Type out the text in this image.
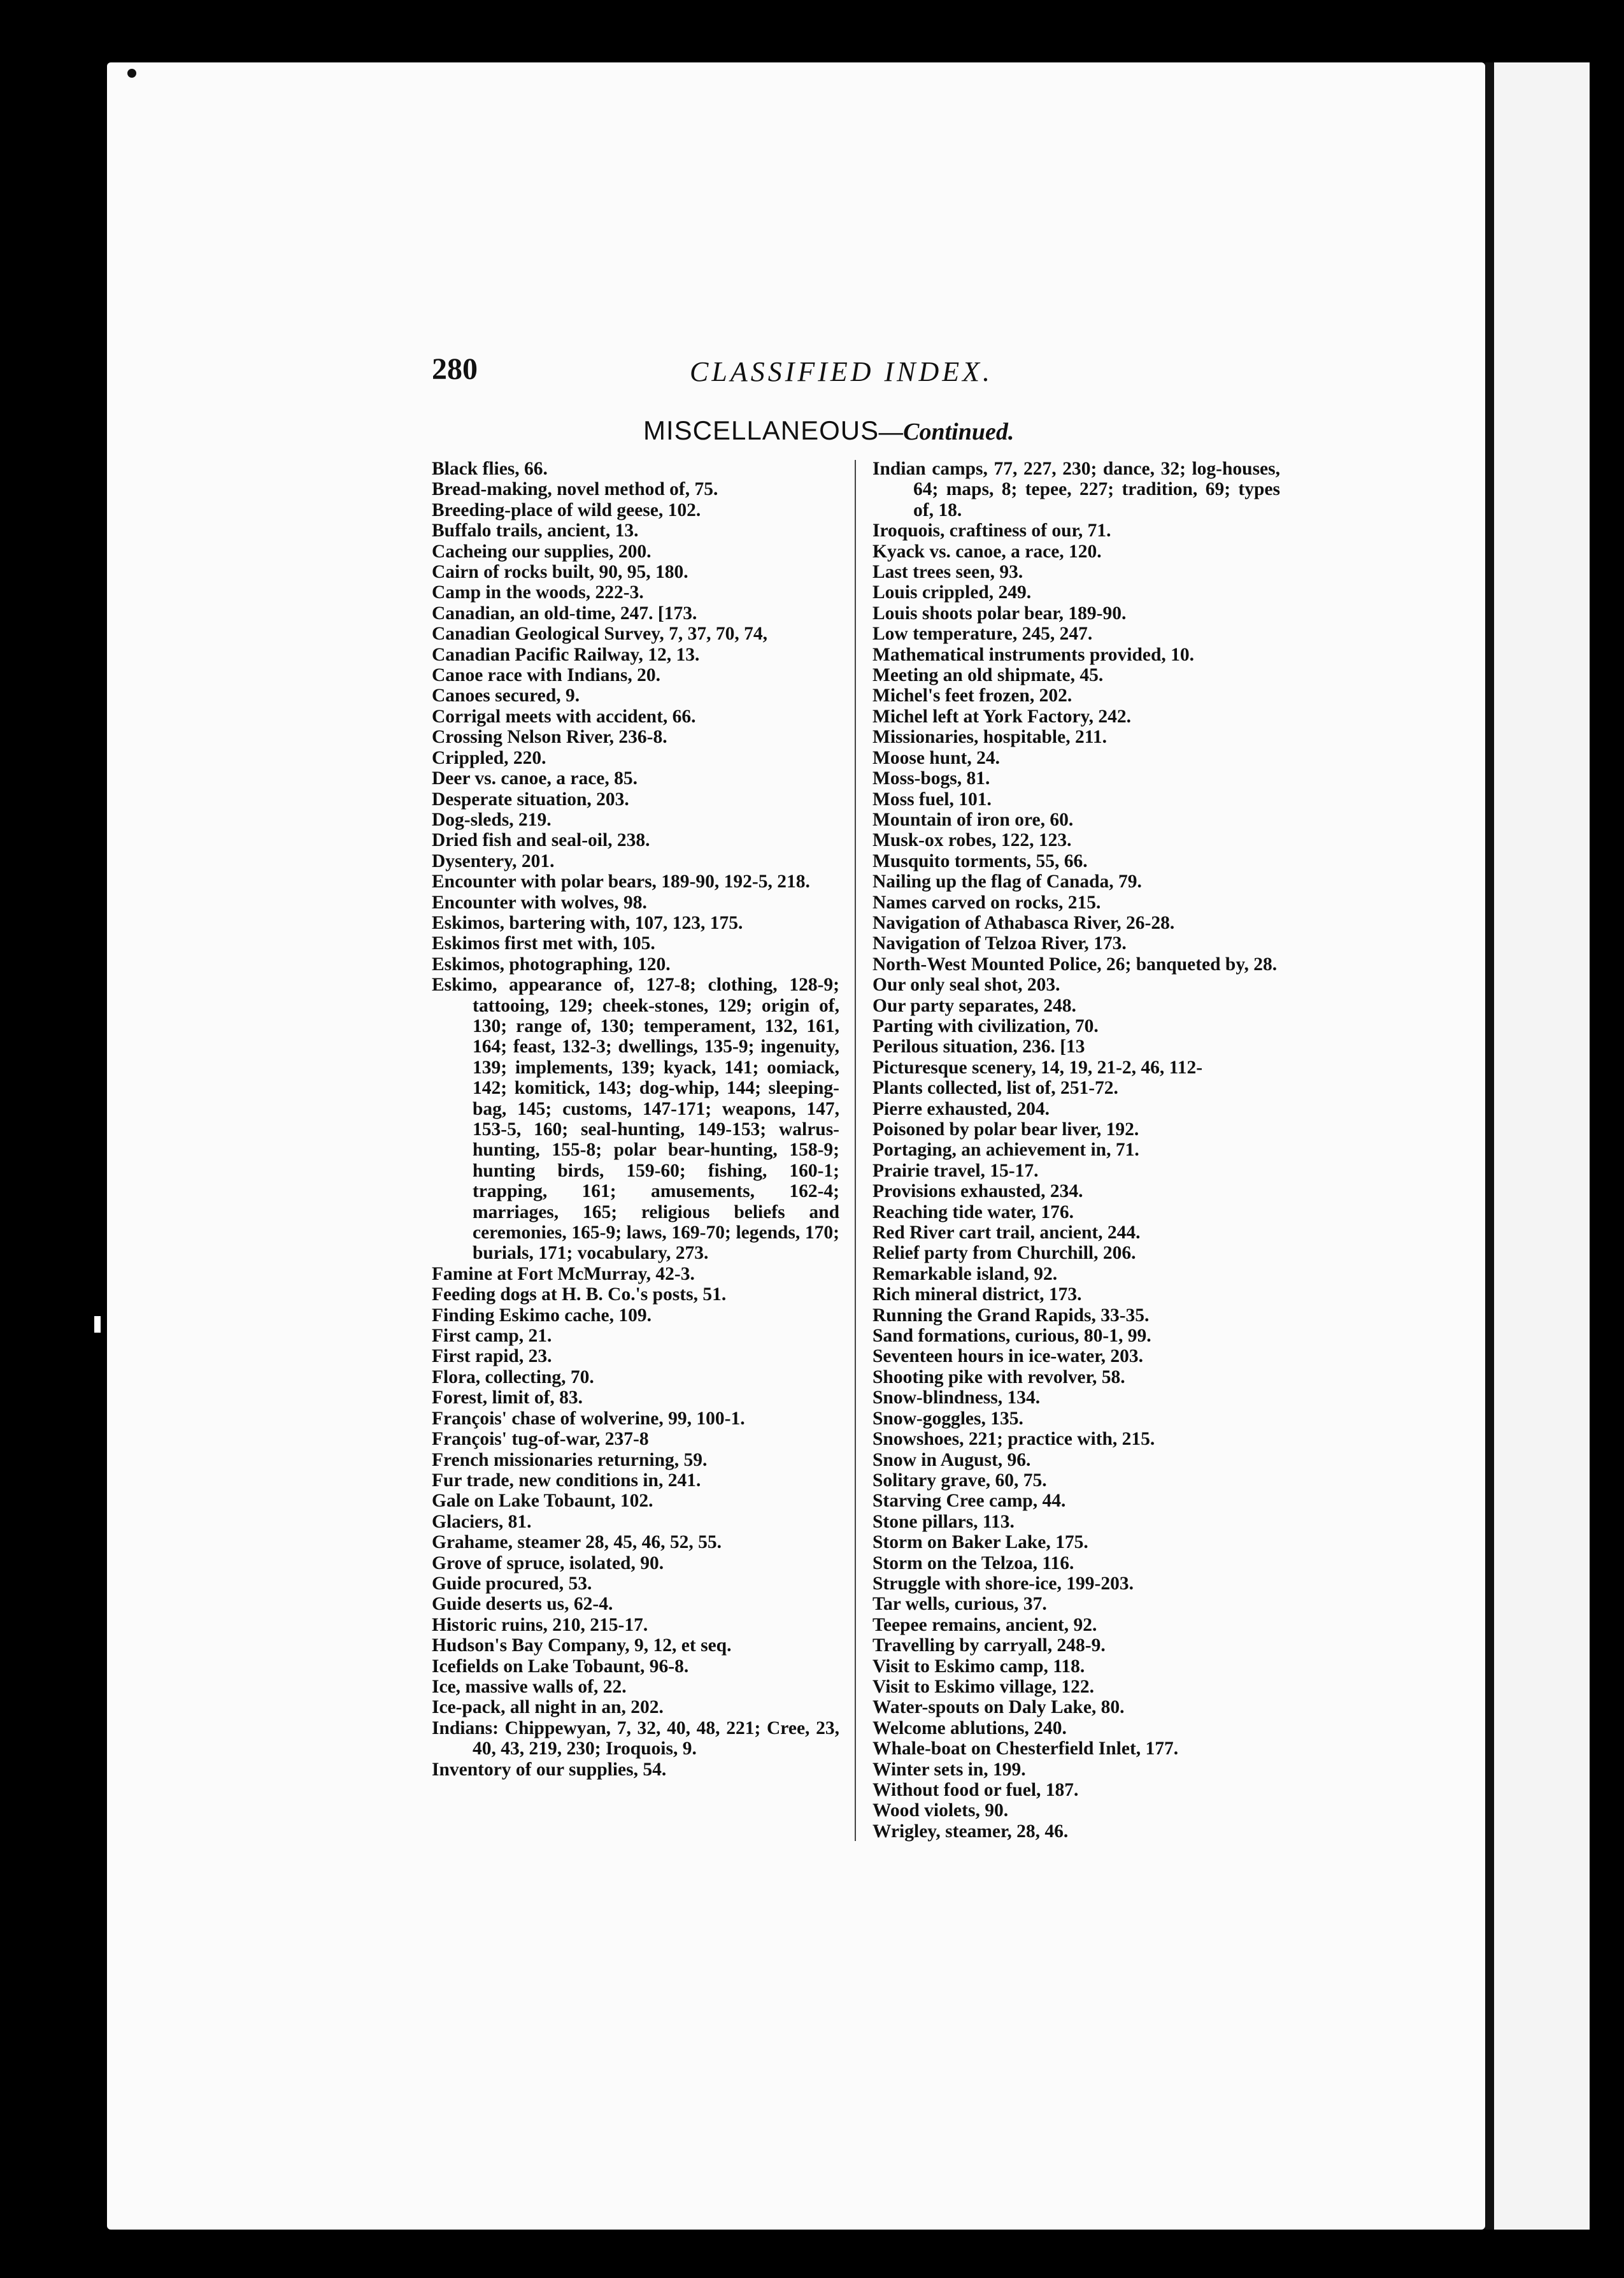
280	CLASSIFIED INDEX.
MISCELLANEOUS—Continued.
Black flies, 66.
Bread-making, novel method of, 75.
Breeding-place of wild geese, 102.
Buffalo trails, ancient, 13.
Cacheing our supplies, 200.
Cairn of rocks built, 90, 95, 180.
Camp in the woods, 222-3.
Canadian, an old-time, 247. [173.
Canadian Geological Survey, 7, 37, 70, 74,
Canadian Pacific Railway, 12, 13.
Canoe race with Indians, 20.
Canoes secured, 9.
Corrigal meets with accident, 66.
Crossing Nelson River, 236-8.
Crippled, 220.
Deer vs. canoe, a race, 85.
Desperate situation, 203.
Dog-sleds, 219.
Dried fish and seal-oil, 238.
Dysentery, 201.
Encounter with polar bears, 189-90, 192-5, 218.
Encounter with wolves, 98.
Eskimos, bartering with, 107, 123, 175.
Eskimos first met with, 105.
Eskimos, photographing, 120.
Eskimo, appearance of, 127-8; clothing, 128-9; tattooing, 129; cheek-stones, 129; origin of, 130; range of, 130; temperament, 132, 161, 164; feast, 132-3; dwellings, 135-9; ingenuity, 139; implements, 139; kyack, 141; oomiack, 142; komitick, 143; dog-whip, 144; sleeping-bag, 145; customs, 147-171; weapons, 147, 153-5, 160; seal-hunting, 149-153; walrus-hunting, 155-8; polar bear-hunting, 158-9; hunting birds, 159-60; fishing, 160-1; trapping, 161; amusements, 162-4; marriages, 165; religious beliefs and ceremonies, 165-9; laws, 169-70; legends, 170; burials, 171; vocabulary, 273.
Famine at Fort McMurray, 42-3.
Feeding dogs at H. B. Co.'s posts, 51.
Finding Eskimo cache, 109.
First camp, 21.
First rapid, 23.
Flora, collecting, 70.
Forest, limit of, 83.
François' chase of wolverine, 99, 100-1.
François' tug-of-war, 237-8
French missionaries returning, 59.
Fur trade, new conditions in, 241.
Gale on Lake Tobaunt, 102.
Glaciers, 81.
Grahame, steamer 28, 45, 46, 52, 55.
Grove of spruce, isolated, 90.
Guide procured, 53.
Guide deserts us, 62-4.
Historic ruins, 210, 215-17.
Hudson's Bay Company, 9, 12, et seq.
Icefields on Lake Tobaunt, 96-8.
Ice, massive walls of, 22.
Ice-pack, all night in an, 202.
Indians: Chippewyan, 7, 32, 40, 48, 221; Cree, 23, 40, 43, 219, 230; Iroquois, 9.
Inventory of our supplies, 54.
Indian camps, 77, 227, 230; dance, 32; log-houses, 64; maps, 8; tepee, 227; tradition, 69; types of, 18.
Iroquois, craftiness of our, 71.
Kyack vs. canoe, a race, 120.
Last trees seen, 93.
Louis crippled, 249.
Louis shoots polar bear, 189-90.
Low temperature, 245, 247.
Mathematical instruments provided, 10.
Meeting an old shipmate, 45.
Michel's feet frozen, 202.
Michel left at York Factory, 242.
Missionaries, hospitable, 211.
Moose hunt, 24.
Moss-bogs, 81.
Moss fuel, 101.
Mountain of iron ore, 60.
Musk-ox robes, 122, 123.
Musquito torments, 55, 66.
Nailing up the flag of Canada, 79.
Names carved on rocks, 215.
Navigation of Athabasca River, 26-28.
Navigation of Telzoa River, 173.
North-West Mounted Police, 26; banqueted by, 28.
Our only seal shot, 203.
Our party separates, 248.
Parting with civilization, 70.
Perilous situation, 236. [13
Picturesque scenery, 14, 19, 21-2, 46, 112-
Plants collected, list of, 251-72.
Pierre exhausted, 204.
Poisoned by polar bear liver, 192.
Portaging, an achievement in, 71.
Prairie travel, 15-17.
Provisions exhausted, 234.
Reaching tide water, 176.
Red River cart trail, ancient, 244.
Relief party from Churchill, 206.
Remarkable island, 92.
Rich mineral district, 173.
Running the Grand Rapids, 33-35.
Sand formations, curious, 80-1, 99.
Seventeen hours in ice-water, 203.
Shooting pike with revolver, 58.
Snow-blindness, 134.
Snow-goggles, 135.
Snowshoes, 221; practice with, 215.
Snow in August, 96.
Solitary grave, 60, 75.
Starving Cree camp, 44.
Stone pillars, 113.
Storm on Baker Lake, 175.
Storm on the Telzoa, 116.
Struggle with shore-ice, 199-203.
Tar wells, curious, 37.
Teepee remains, ancient, 92.
Travelling by carryall, 248-9.
Visit to Eskimo camp, 118.
Visit to Eskimo village, 122.
Water-spouts on Daly Lake, 80.
Welcome ablutions, 240.
Whale-boat on Chesterfield Inlet, 177.
Winter sets in, 199.
Without food or fuel, 187.
Wood violets, 90.
Wrigley, steamer, 28, 46.
